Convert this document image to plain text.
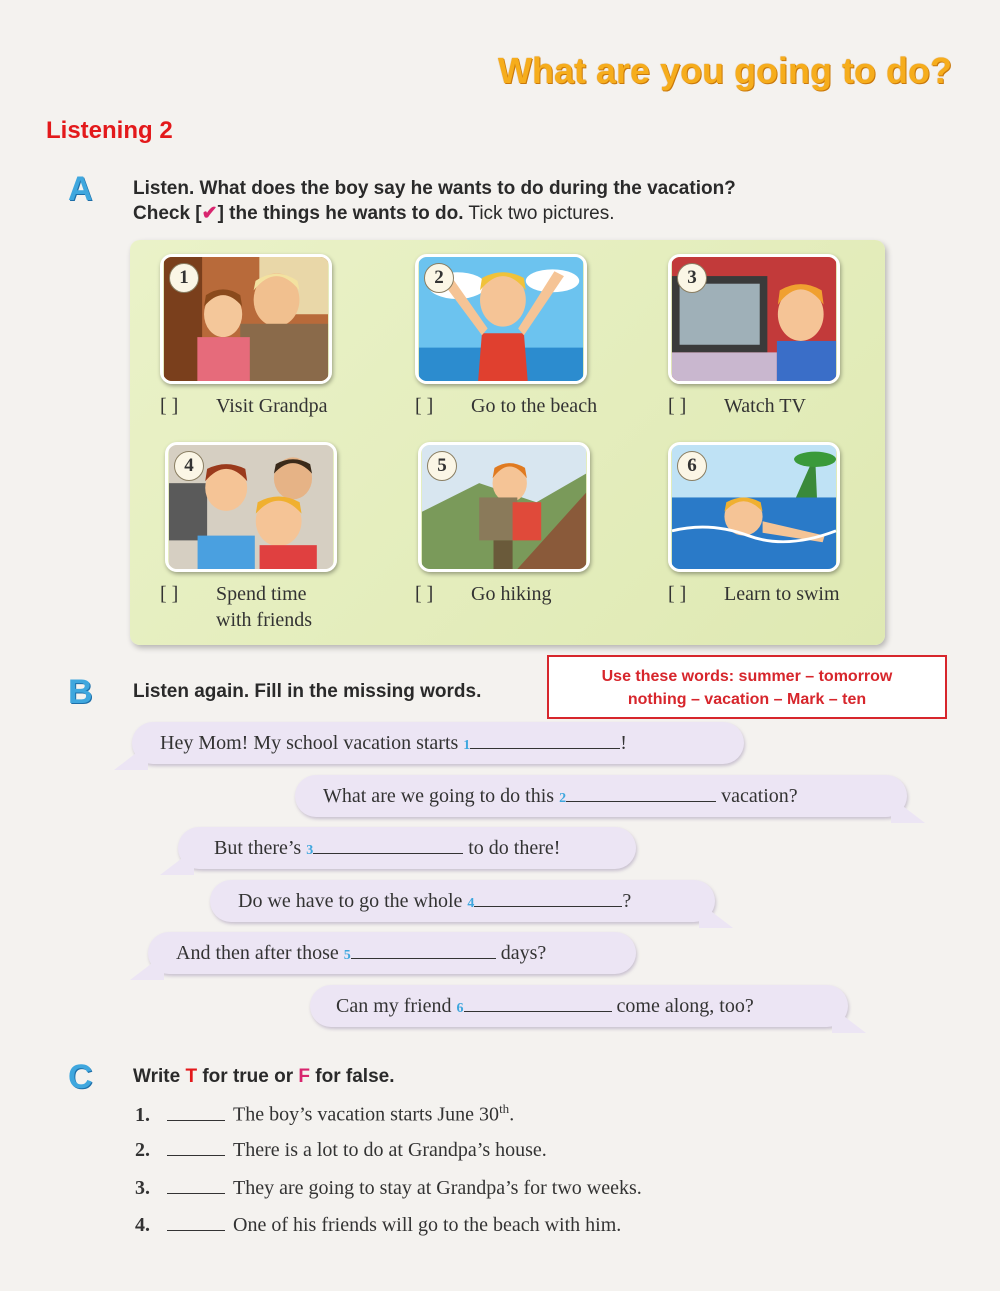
What are you going to do?
Listening 2
A Listen. What does the boy say he wants to do during the vacation?
Check [✔] the things he wants to do. Tick two pictures.
1	2	3
4	5	6
[ ] Visit Grandpa	[ ] Go to the beach	[ ] Watch TV
[ ] Spend time
with friends
[ ] Go hiking	[ ] Learn to swim
B Listen again. Fill in the missing words.
Use these words: summer – tomorrow
nothing – vacation – Mark – ten
Hey Mom! My school vacation starts 1	!
What are we going to do this 2	vacation?
But there’s 3	to do there!
Do we have to go the whole 4	?
And then after those 5	days?
Can my friend 6	come along, too?
C Write T for true or F for false.
1.	The boy’s vacation starts June 30th.
2.	There is a lot to do at Grandpa’s house.
3.	They are going to stay at Grandpa’s for two weeks.
4.	One of his friends will go to the beach with him.
